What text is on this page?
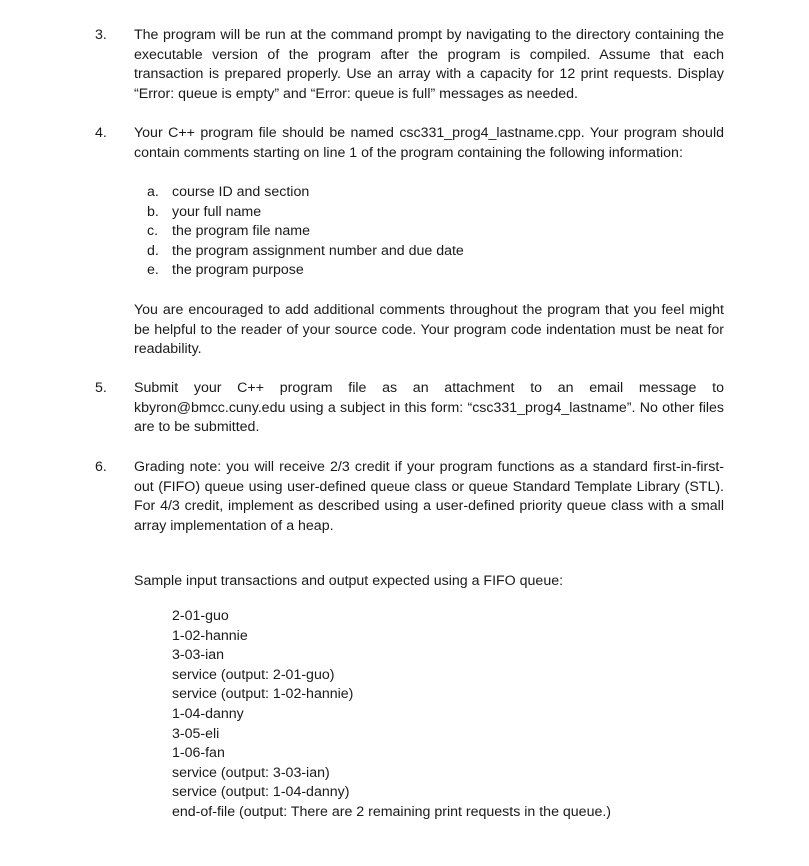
3. The program will be run at the command prompt by navigating to the directory containing the executable version of the program after the program is compiled. Assume that each transaction is prepared properly. Use an array with a capacity for 12 print requests. Display “Error: queue is empty” and “Error: queue is full” messages as needed.

4. Your C++ program file should be named csc331_prog4_lastname.cpp. Your program should contain comments starting on line 1 of the program containing the following information:

a. course ID and section
b. your full name
c. the program file name
d. the program assignment number and due date
e. the program purpose

You are encouraged to add additional comments throughout the program that you feel might be helpful to the reader of your source code. Your program code indentation must be neat for readability.

5. Submit your C++ program file as an attachment to an email message to kbyron@bmcc.cuny.edu using a subject in this form: “csc331_prog4_lastname”. No other files are to be submitted.

6. Grading note: you will receive 2/3 credit if your program functions as a standard first-in-first-out (FIFO) queue using user-defined queue class or queue Standard Template Library (STL). For 4/3 credit, implement as described using a user-defined priority queue class with a small array implementation of a heap.

Sample input transactions and output expected using a FIFO queue:
2-01-guo
1-02-hannie
3-03-ian
service (output: 2-01-guo)
service (output: 1-02-hannie)
1-04-danny
3-05-eli
1-06-fan
service (output: 3-03-ian)
service (output: 1-04-danny)
end-of-file (output: There are 2 remaining print requests in the queue.)
